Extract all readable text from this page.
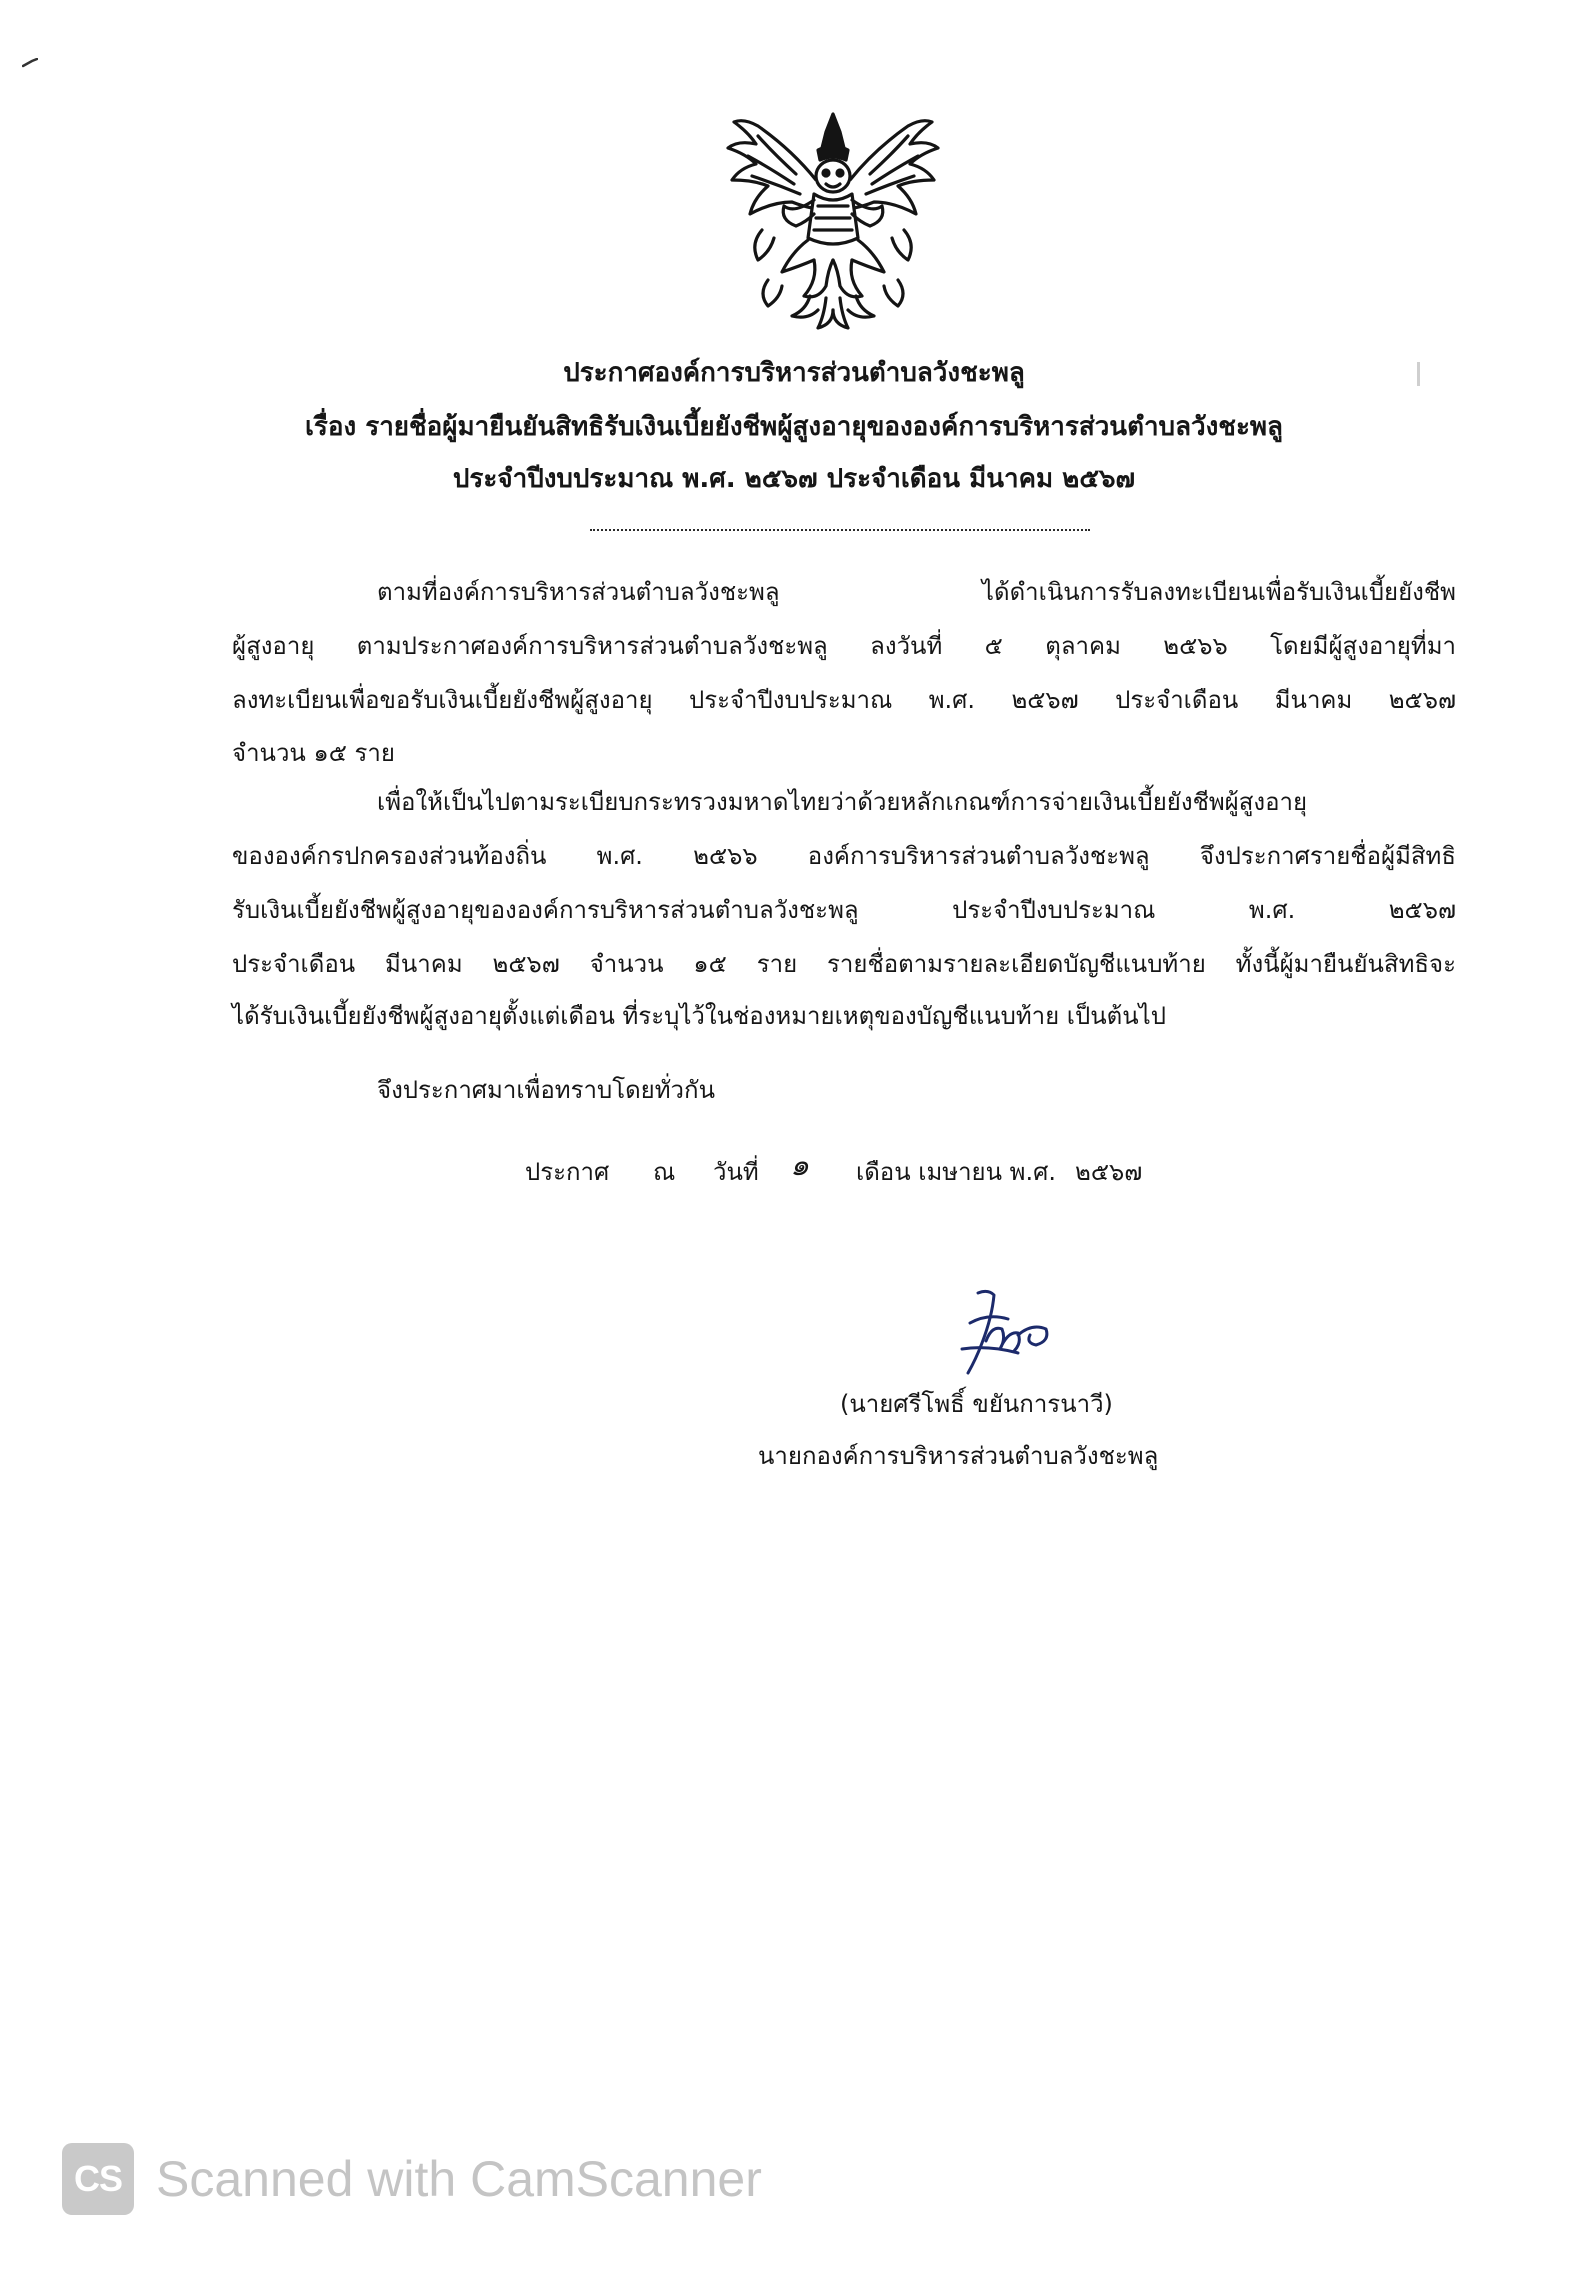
ประกาศองค์การบริหารส่วนตำบลวังชะพลู
เรื่อง รายชื่อผู้มายืนยันสิทธิรับเงินเบี้ยยังชีพผู้สูงอายุขององค์การบริหารส่วนตำบลวังชะพลู
ประจำปีงบประมาณ พ.ศ. ๒๕๖๗ ประจำเดือน มีนาคม ๒๕๖๗
ตามที่องค์การบริหารส่วนตำบลวังชะพลู ได้ดำเนินการรับลงทะเบียนเพื่อรับเงินเบี้ยยังชีพ
ผู้สูงอายุ ตามประกาศองค์การบริหารส่วนตำบลวังชะพลู ลงวันที่ ๕ ตุลาคม ๒๕๖๖ โดยมีผู้สูงอายุที่มา
ลงทะเบียนเพื่อขอรับเงินเบี้ยยังชีพผู้สูงอายุ ประจำปีงบประมาณ พ.ศ. ๒๕๖๗ ประจำเดือน มีนาคม ๒๕๖๗
จำนวน ๑๕ ราย
เพื่อให้เป็นไปตามระเบียบกระทรวงมหาดไทยว่าด้วยหลักเกณฑ์การจ่ายเงินเบี้ยยังชีพผู้สูงอายุ
ขององค์กรปกครองส่วนท้องถิ่น พ.ศ. ๒๕๖๖ องค์การบริหารส่วนตำบลวังชะพลู จึงประกาศรายชื่อผู้มีสิทธิ
รับเงินเบี้ยยังชีพผู้สูงอายุขององค์การบริหารส่วนตำบลวังชะพลู ประจำปีงบประมาณ พ.ศ. ๒๕๖๗
ประจำเดือน มีนาคม ๒๕๖๗ จำนวน ๑๕ ราย รายชื่อตามรายละเอียดบัญชีแนบท้าย ทั้งนี้ผู้มายืนยันสิทธิจะ
ได้รับเงินเบี้ยยังชีพผู้สูงอายุตั้งแต่เดือน ที่ระบุไว้ในช่องหมายเหตุของบัญชีแนบท้าย เป็นต้นไป
จึงประกาศมาเพื่อทราบโดยทั่วกัน
ประกาศ ณ วันที่ ๑ เดือน เมษายน พ.ศ. ๒๕๖๗
(นายศรีโพธิ์ ขยันการนาวี)
นายกองค์การบริหารส่วนตำบลวังชะพลู
CS Scanned with CamScanner
